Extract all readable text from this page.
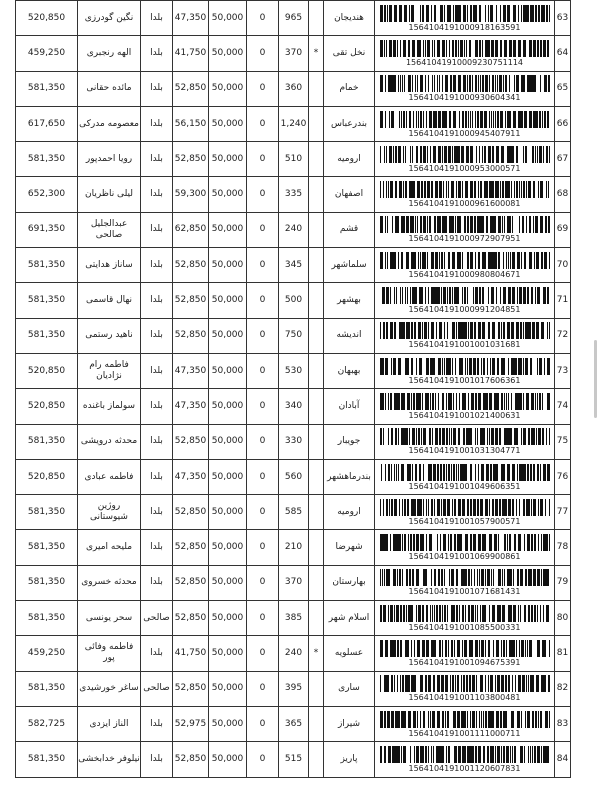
520,850	نگین گودرزی	بلدا	47,350	50,000	0	965		هندیجان	1564104191000918163591	63
459,250	الهه رنجبری	بلدا	41,750	50,000	0	370	*	نخل تقی	15641041910009230751114	64
581,350	مائده حقانی	بلدا	52,850	50,000	0	360		خمام	1564104191000930604341	65
617,650	معصومه مدرکی	بلدا	56,150	50,000	0	1,240		بندرعباس	1564104191000945407911	66
581,350	رویا احمدپور	بلدا	52,850	50,000	0	510		ارومیه	1564104191000953000571	67
652,300	لیلی ناظریان	بلدا	59,300	50,000	0	335		اصفهان	1564104191000961600081	68
691,350	عبدالجلیل صالحی	بلدا	62,850	50,000	0	240		قشم	1564104191000972907951	69
581,350	ساناز هدایتی	بلدا	52,850	50,000	0	345		سلماشهر	1564104191000980804671	70
581,350	نهال قاسمی	بلدا	52,850	50,000	0	500		بهشهر	1564104191000991204851	71
581,350	ناهید رستمی	بلدا	52,850	50,000	0	750		اندیشه	1564104191001001031681	72
520,850	فاطمه رام نژادیان	بلدا	47,350	50,000	0	530		بهبهان	1564104191001017606361	73
520,850	سولماز باغنده	بلدا	47,350	50,000	0	340		آبادان	1564104191001021400631	74
581,350	محدثه درویشی	بلدا	52,850	50,000	0	330		جویبار	1564104191001031304771	75
520,850	فاطمه عبادی	بلدا	47,350	50,000	0	560		بندرماهشهر	1564104191001049606351	76
581,350	روژین شیوستانی	بلدا	52,850	50,000	0	585		ارومیه	1564104191001057900571	77
581,350	ملیحه امیری	بلدا	52,850	50,000	0	210		شهرضا	1564104191001069900861	78
581,350	محدثه خسروی	بلدا	52,850	50,000	0	370		بهارستان	1564104191001071681431	79
581,350	سحر یونسی	صالحی	52,850	50,000	0	385		اسلام شهر	1564104191001085500331	80
459,250	فاطمه وفائی پور	بلدا	41,750	50,000	0	240	*	عسلویه	1564104191001094675391	81
581,350	ساغر خورشیدی	صالحی	52,850	50,000	0	395		ساری	1564104191001103800481	82
582,725	الناز ایزدی	بلدا	52,975	50,000	0	365		شیراز	1564104191001111000711	83
581,350	نیلوفر خدابخشی	بلدا	52,850	50,000	0	515		پاریز	1564104191001120607831	84
